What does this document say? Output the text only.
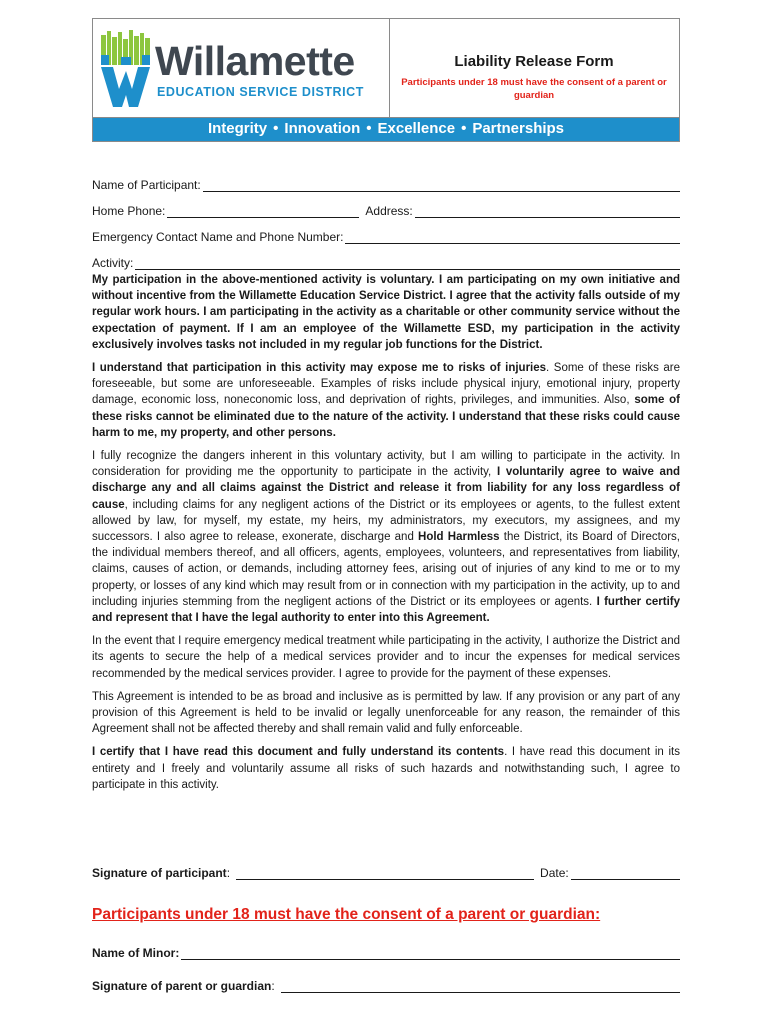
Willamette
EDUCATION SERVICE DISTRICT
Liability Release Form
Participants under 18 must have the consent of a parent or guardian
Integrity • Innovation • Excellence • Partnerships
Name of Participant:
Home Phone:	Address:
Emergency Contact Name and Phone Number:
Activity:

My participation in the above-mentioned activity is voluntary. I am participating on my own initiative and without incentive from the Willamette Education Service District. I agree that the activity falls outside of my regular work hours. I am participating in the activity as a charitable or other community service without the expectation of payment. If I am an employee of the Willamette ESD, my participation in the activity exclusively involves tasks not included in my regular job functions for the District.

I understand that participation in this activity may expose me to risks of injuries. Some of these risks are foreseeable, but some are unforeseeable. Examples of risks include physical injury, emotional injury, property damage, economic loss, noneconomic loss, and deprivation of rights, privileges, and immunities. Also, some of these risks cannot be eliminated due to the nature of the activity. I understand that these risks could cause harm to me, my property, and other persons.

I fully recognize the dangers inherent in this voluntary activity, but I am willing to participate in the activity. In consideration for providing me the opportunity to participate in the activity, I voluntarily agree to waive and discharge any and all claims against the District and release it from liability for any loss regardless of cause, including claims for any negligent actions of the District or its employees or agents, to the fullest extent allowed by law, for myself, my estate, my heirs, my administrators, my executors, my assignees, and my successors. I also agree to release, exonerate, discharge and Hold Harmless the District, its Board of Directors, the individual members thereof, and all officers, agents, employees, volunteers, and representatives from liability, claims, causes of action, or demands, including attorney fees, arising out of injuries of any kind to me or to my property, or losses of any kind which may result from or in connection with my participation in the activity, up to and including injuries stemming from the negligent actions of the District or its employees or agents. I further certify and represent that I have the legal authority to enter into this Agreement.

In the event that I require emergency medical treatment while participating in the activity, I authorize the District and its agents to secure the help of a medical services provider and to incur the expenses for medical services recommended by the medical services provider. I agree to provide for the payment of these expenses.

This Agreement is intended to be as broad and inclusive as is permitted by law. If any provision or any part of any provision of this Agreement is held to be invalid or legally unenforceable for any reason, the remainder of this Agreement shall not be affected thereby and shall remain valid and fully enforceable.

I certify that I have read this document and fully understand its contents. I have read this document in its entirety and I freely and voluntarily assume all risks of such hazards and notwithstanding such, I agree to participate in this activity.

Signature of participant :	Date:
Participants under 18 must have the consent of a parent or guardian:
Name of Minor:
Signature of parent or guardian :
